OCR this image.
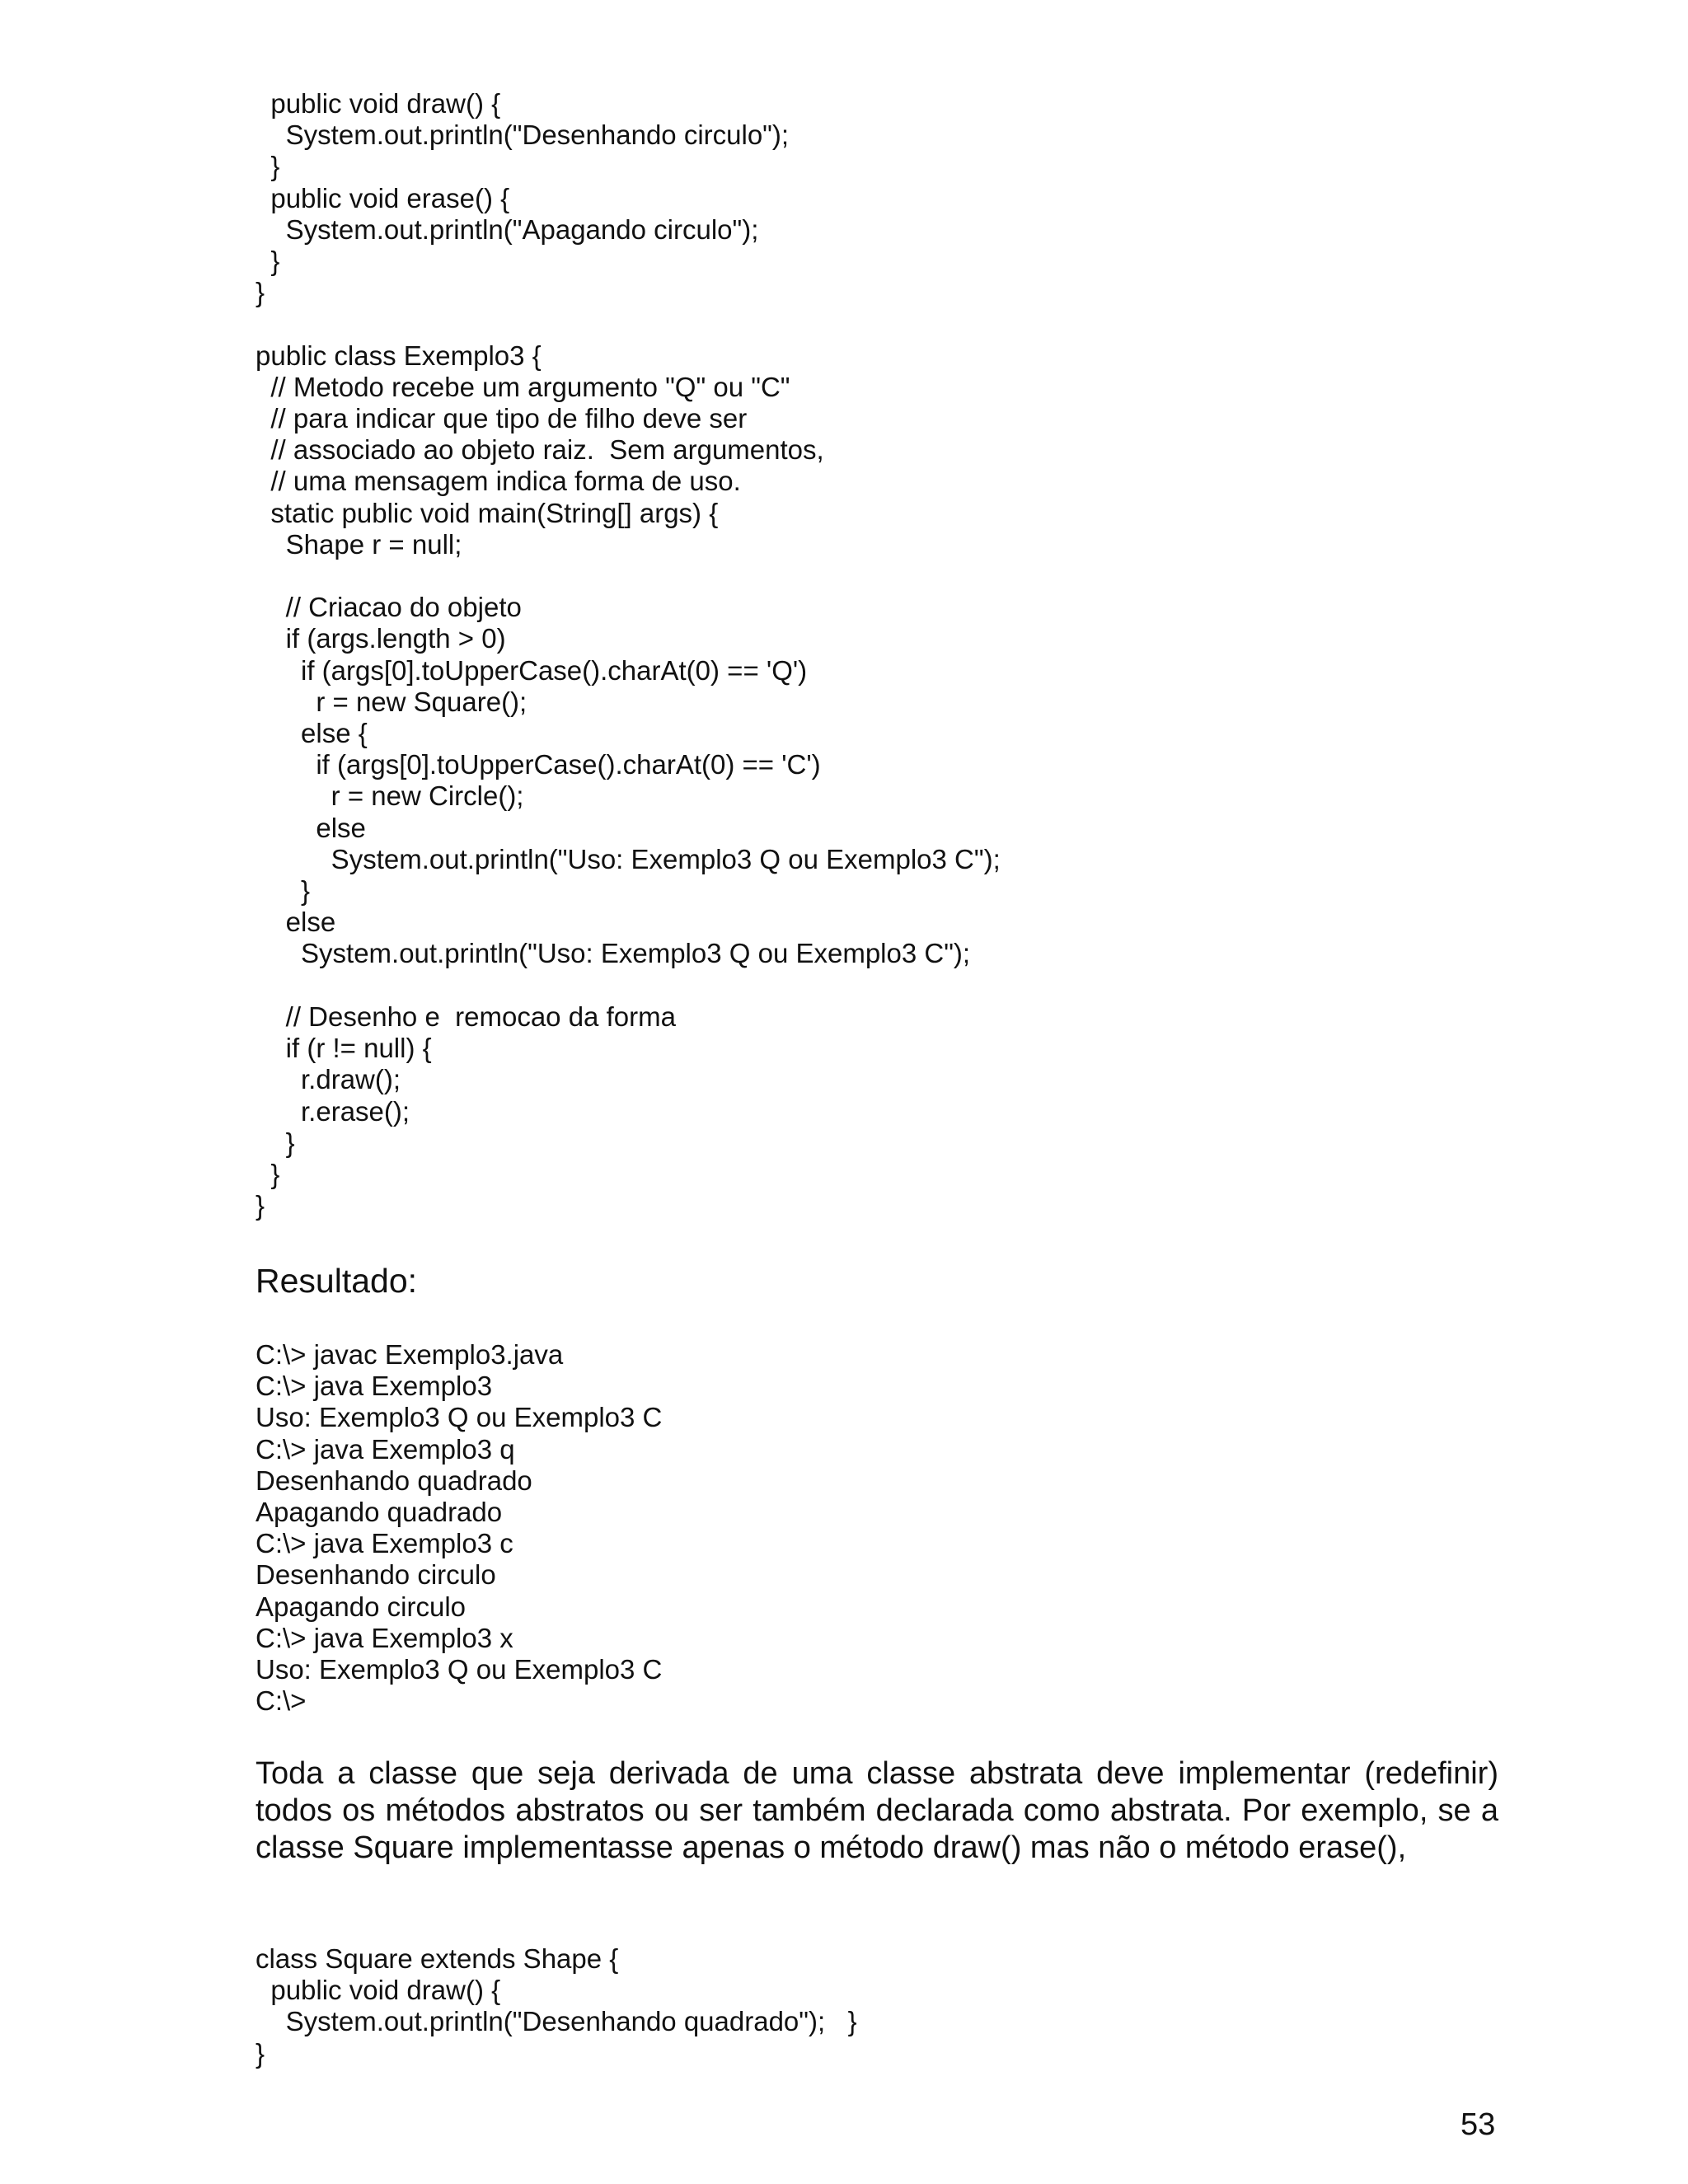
public void draw() {
System.out.println("Desenhando circulo");
}
public void erase() {
System.out.println("Apagando circulo");
}
}

public class Exemplo3 {
// Metodo recebe um argumento "Q" ou "C"
// para indicar que tipo de filho deve ser
// associado ao objeto raiz.  Sem argumentos,
// uma mensagem indica forma de uso.
static public void main(String[] args) {
Shape r = null;

// Criacao do objeto
if (args.length > 0)
if (args[0].toUpperCase().charAt(0) == 'Q')
r = new Square();
else {
if (args[0].toUpperCase().charAt(0) == 'C')
r = new Circle();
else
System.out.println("Uso: Exemplo3 Q ou Exemplo3 C");
}
else
System.out.println("Uso: Exemplo3 Q ou Exemplo3 C");

// Desenho e  remocao da forma
if (r != null) {
r.draw();
r.erase();
}
}
}
Resultado:
C:\> javac Exemplo3.java
C:\> java Exemplo3
Uso: Exemplo3 Q ou Exemplo3 C
C:\> java Exemplo3 q
Desenhando quadrado
Apagando quadrado
C:\> java Exemplo3 c
Desenhando circulo
Apagando circulo
C:\> java Exemplo3 x
Uso: Exemplo3 Q ou Exemplo3 C
C:\>

Toda a classe que seja derivada de uma classe abstrata deve implementar (redefinir) todos os métodos abstratos ou ser também declarada como abstrata. Por exemplo, se a classe Square implementasse apenas o método draw() mas não o método erase(),

class Square extends Shape {
public void draw() {
System.out.println("Desenhando quadrado");   }
}
53
